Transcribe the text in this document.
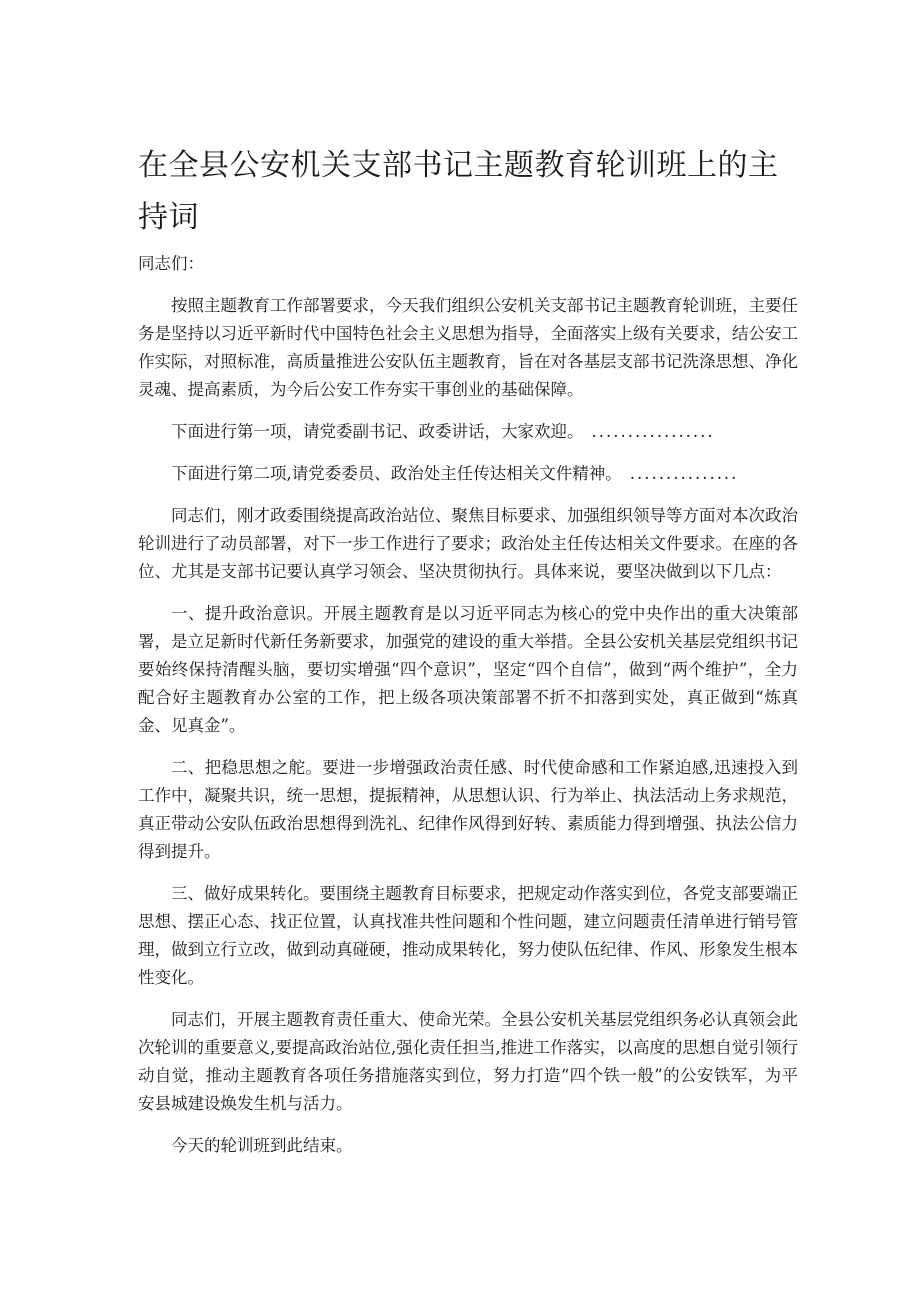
在全县公安机关支部书记主题教育轮训班上的主持词

同志们：

按照主题教育工作部署要求，今天我们组织公安机关支部书记主题教育轮训班，主要任务是坚持以习近平新时代中国特色社会主义思想为指导，全面落实上级有关要求，结公安工作实际，对照标准，高质量推进公安队伍主题教育，旨在对各基层支部书记洗涤思想、净化灵魂、提高素质，为今后公安工作夯实干事创业的基础保障。

下面进行第一项，请党委副书记、政委讲话，大家欢迎。 .................

下面进行第二项,请党委委员、政治处主任传达相关文件精神。 ...............

同志们，刚才政委围绕提高政治站位、聚焦目标要求、加强组织领导等方面对本次政治轮训进行了动员部署，对下一步工作进行了要求；政治处主任传达相关文件要求。在座的各位、尤其是支部书记要认真学习领会、坚决贯彻执行。具体来说，要坚决做到以下几点：

一、提升政治意识。开展主题教育是以习近平同志为核心的党中央作出的重大决策部署，是立足新时代新任务新要求，加强党的建设的重大举措。全县公安机关基层党组织书记要始终保持清醒头脑，要切实增强“四个意识”，坚定“四个自信”，做到“两个维护”，全力配合好主题教育办公室的工作，把上级各项决策部署不折不扣落到实处，真正做到“炼真金、见真金”。

二、把稳思想之舵。要进一步增强政治责任感、时代使命感和工作紧迫感,迅速投入到工作中，凝聚共识，统一思想，提振精神，从思想认识、行为举止、执法活动上务求规范，真正带动公安队伍政治思想得到洗礼、纪律作风得到好转、素质能力得到增强、执法公信力得到提升。

三、做好成果转化。要围绕主题教育目标要求，把规定动作落实到位，各党支部要端正思想、摆正心态、找正位置，认真找准共性问题和个性问题，建立问题责任清单进行销号管理，做到立行立改，做到动真碰硬，推动成果转化，努力使队伍纪律、作风、形象发生根本性变化。

同志们，开展主题教育责任重大、使命光荣。全县公安机关基层党组织务必认真领会此次轮训的重要意义,要提高政治站位,强化责任担当,推进工作落实，以高度的思想自觉引领行动自觉，推动主题教育各项任务措施落实到位，努力打造“四个铁一般”的公安铁军，为平安县城建设焕发生机与活力。

今天的轮训班到此结束。
